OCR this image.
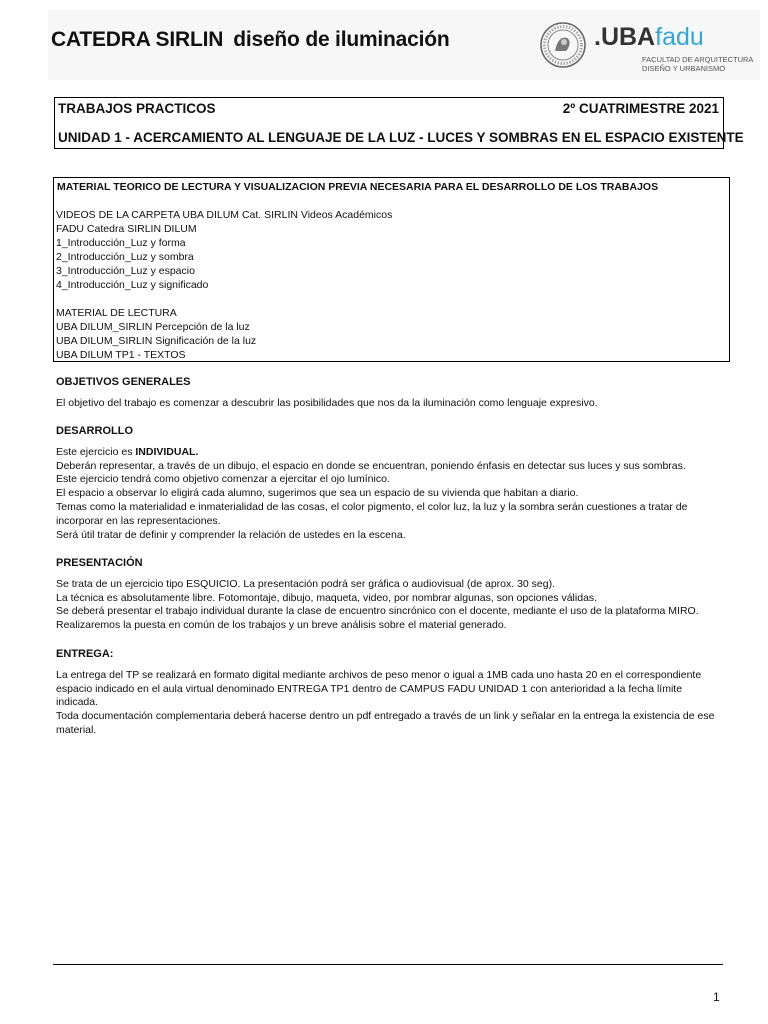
CATEDRA SIRLIN diseño de iluminación	.UBAfadu
FACULTAD DE ARQUITECTURA
DISEÑO Y URBANISMO
TRABAJOS PRACTICOS	2º CUATRIMESTRE 2021
UNIDAD 1 - ACERCAMIENTO AL LENGUAJE DE LA LUZ - LUCES Y SOMBRAS EN EL ESPACIO EXISTENTE
MATERIAL TEORICO DE LECTURA Y VISUALIZACION PREVIA NECESARIA PARA EL DESARROLLO DE LOS TRABAJOS
VIDEOS DE LA CARPETA UBA DILUM Cat. SIRLIN Videos Académicos
FADU Catedra SIRLIN DILUM
1_Introducción_Luz y forma
2_Introducción_Luz y sombra
3_Introducción_Luz y espacio
4_Introducción_Luz y significado
MATERIAL DE LECTURA
UBA DILUM_SIRLIN Percepción de la luz
UBA DILUM_SIRLIN Significación de la luz
UBA DILUM TP1 - TEXTOS
OBJETIVOS GENERALES
El objetivo del trabajo es comenzar a descubrir las posibilidades que nos da la iluminación como lenguaje expresivo.
DESARROLLO
Este ejercicio es INDIVIDUAL.
Deberán representar, a través de un dibujo, el espacio en donde se encuentran, poniendo énfasis en detectar sus luces y sus sombras.
Este ejercicio tendrá como objetivo comenzar a ejercitar el ojo lumínico.
El espacio a observar lo eligirá cada alumno, sugerimos que sea un espacio de su vivienda que habitan a diario.
Temas como la materialidad e inmaterialidad de las cosas, el color pigmento, el color luz, la luz y la sombra serán cuestiones a tratar de
incorporar en las representaciones.
Será útil tratar de definir y comprender la relación de ustedes en la escena.
PRESENTACIÓN
Se trata de un ejercicio tipo ESQUICIO. La presentación podrá ser gráfica o audiovisual (de aprox. 30 seg).
La técnica es absolutamente libre. Fotomontaje, dibujo, maqueta, video, por nombrar algunas, son opciones válidas.
Se deberá presentar el trabajo individual durante la clase de encuentro sincrónico con el docente, mediante el uso de la plataforma MIRO.
Realizaremos la puesta en común de los trabajos y un breve análisis sobre el material generado.
ENTREGA:
La entrega del TP se realizará en formato digital mediante archivos de peso menor o igual a 1MB cada uno hasta 20 en el correspondiente
espacio indicado en el aula virtual denominado ENTREGA TP1 dentro de CAMPUS FADU UNIDAD 1 con anterioridad a la fecha límite
indicada.
Toda documentación complementaria deberá hacerse dentro un pdf entregado a través de un link y señalar en la entrega la existencia de ese
material.
1
